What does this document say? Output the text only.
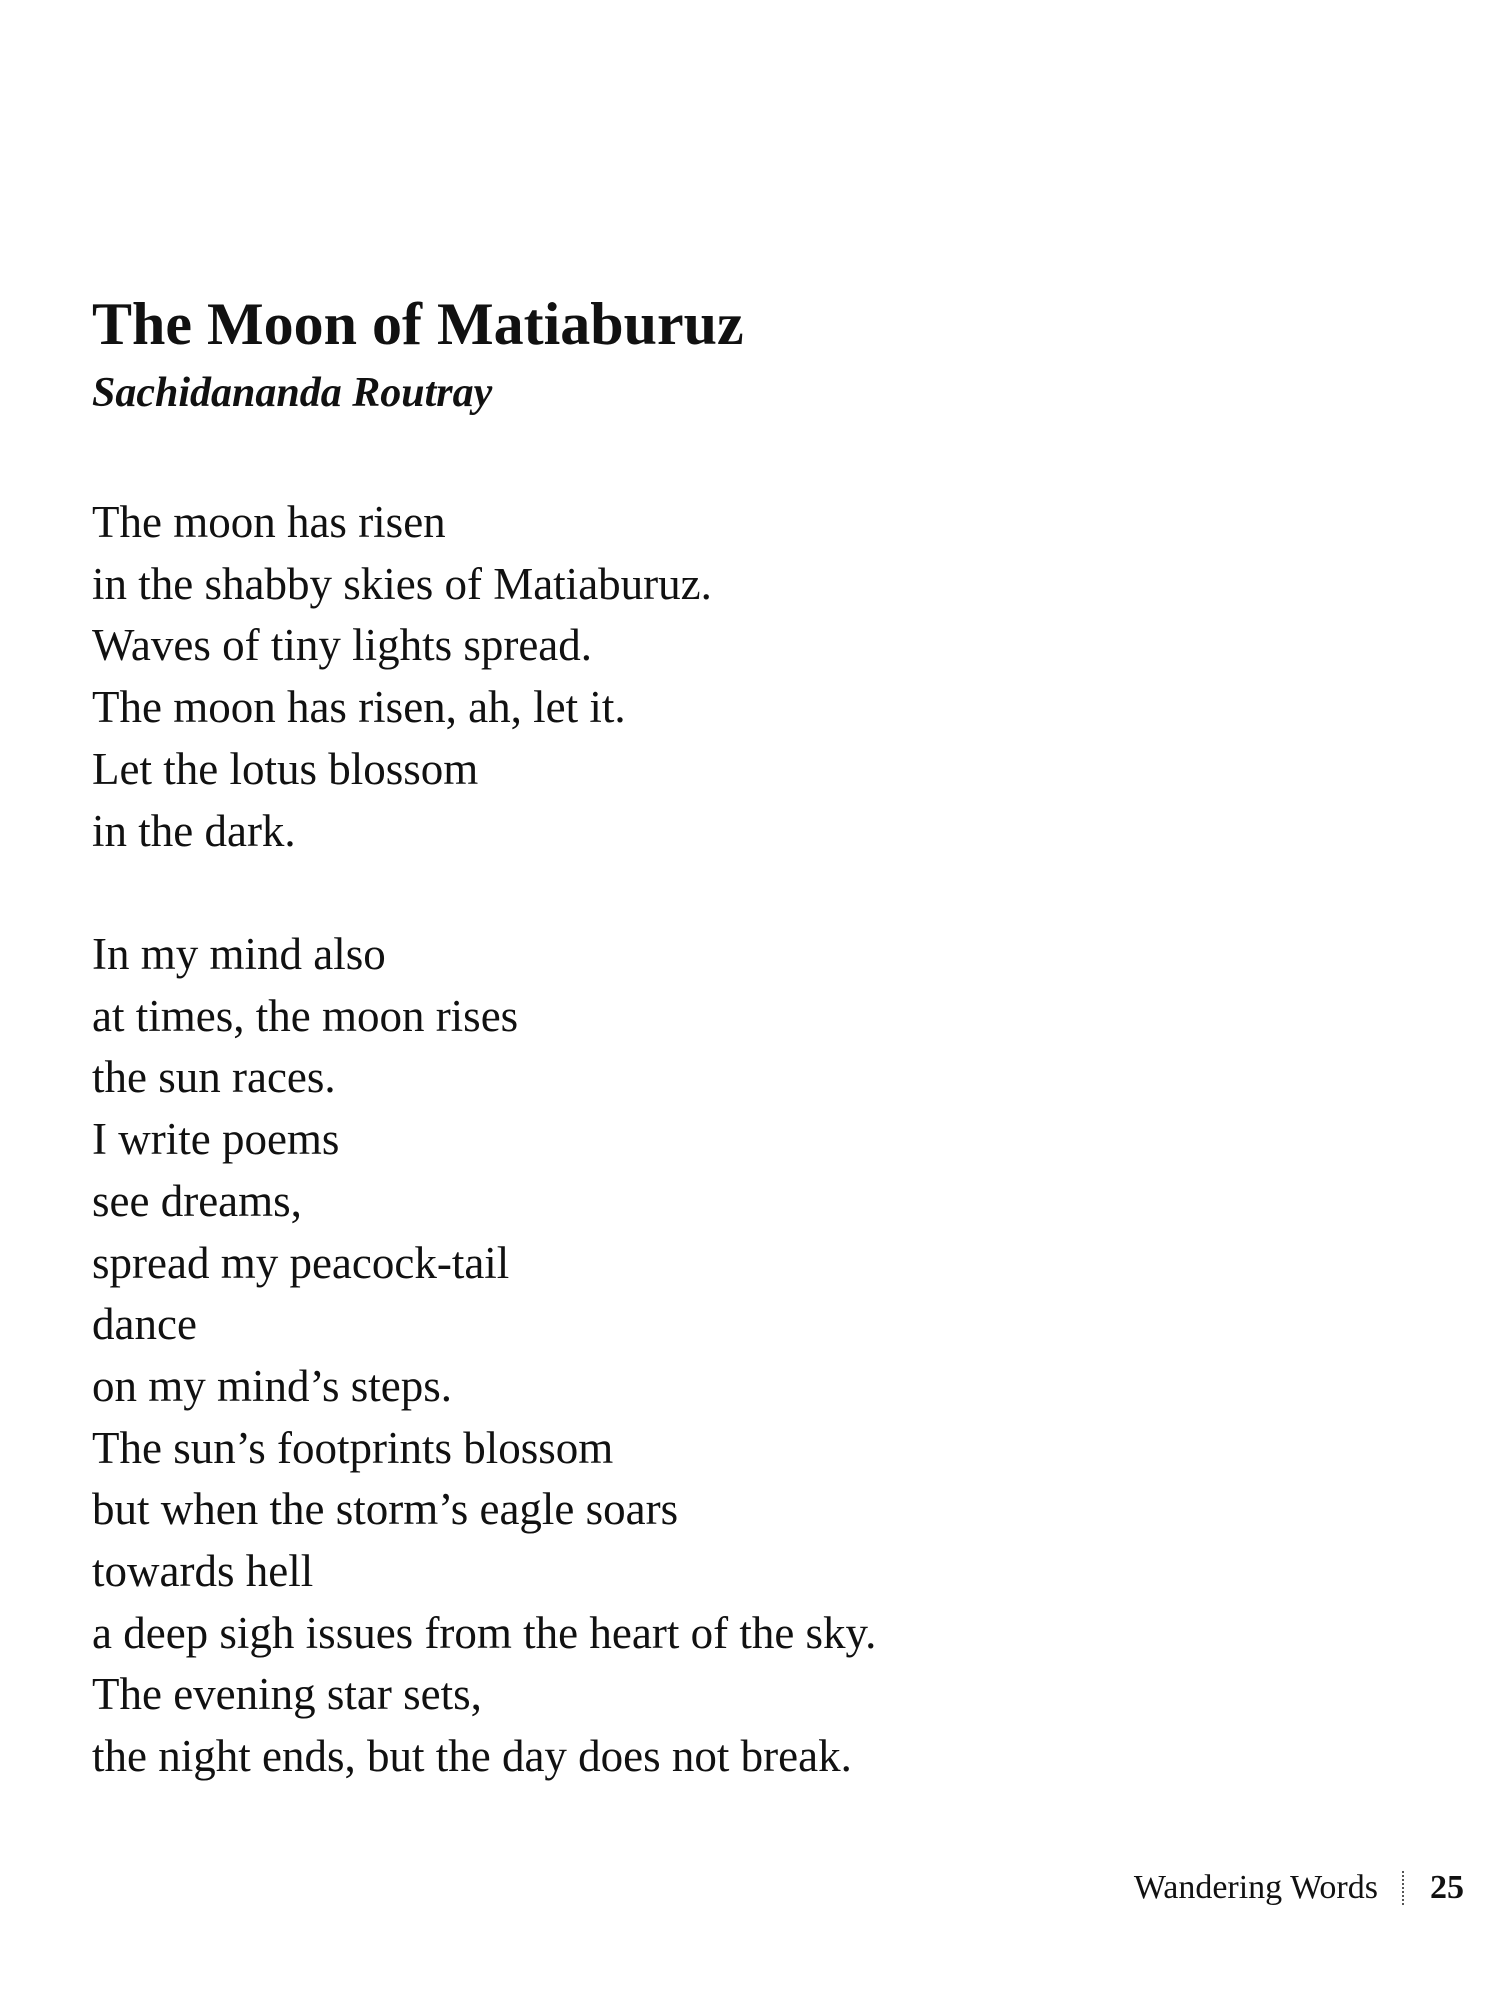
The Moon of Matiaburuz
Sachidananda Routray
The moon has risen
in the shabby skies of Matiaburuz.
Waves of tiny lights spread.
The moon has risen, ah, let it.
Let the lotus blossom
in the dark.
In my mind also
at times, the moon rises
the sun races.
I write poems
see dreams,
spread my peacock-tail
dance
on my mind’s steps.
The sun’s footprints blossom
but when the storm’s eagle soars
towards hell
a deep sigh issues from the heart of the sky.
The evening star sets,
the night ends, but the day does not break.
Wandering Words 25
